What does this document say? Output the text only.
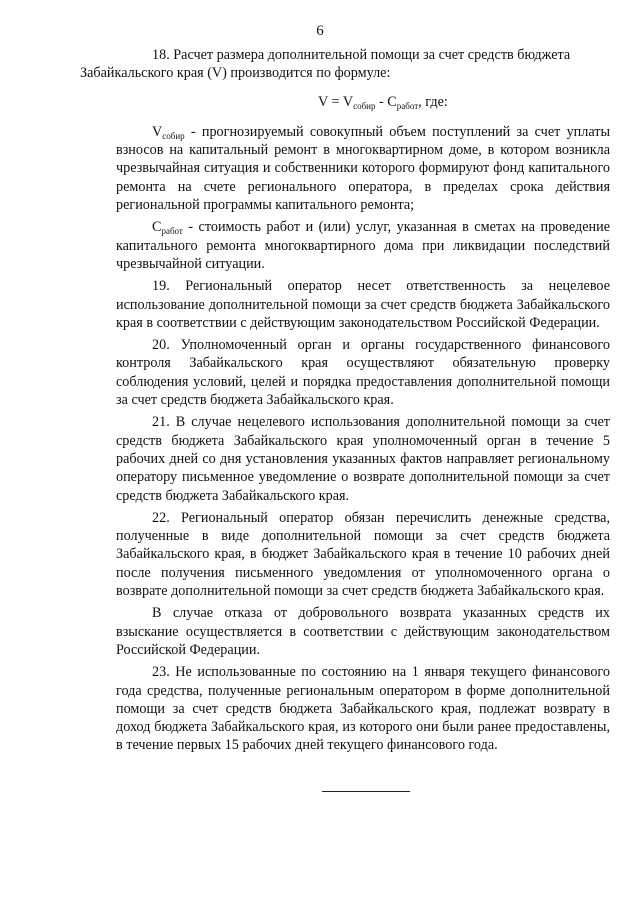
6

18. Расчет размера дополнительной помощи за счет средств бюджета
Забайкальского края (V) производится по формуле:

$V = V_{собир} - C_{работ}$, где:

$V_{собир}$ - прогнозируемый совокупный объем поступлений за счет уплаты взносов на капитальный ремонт в многоквартирном доме, в котором возникла чрезвычайная ситуация и собственники которого формируют фонд капитального ремонта на счете регионального оператора, в пределах срока действия региональной программы капитального ремонта;

$C_{работ}$ - стоимость работ и (или) услуг, указанная в сметах на проведение капитального ремонта многоквартирного дома при ликвидации последствий чрезвычайной ситуации.

19. Региональный оператор несет ответственность за нецелевое использование дополнительной помощи за счет средств бюджета Забайкальского края в соответствии с действующим законодательством Российской Федерации.

20. Уполномоченный орган и органы государственного финансового контроля Забайкальского края осуществляют обязательную проверку соблюдения условий, целей и порядка предоставления дополнительной помощи за счет средств бюджета Забайкальского края.

21. В случае нецелевого использования дополнительной помощи за счет средств бюджета Забайкальского края уполномоченный орган в течение 5 рабочих дней со дня установления указанных фактов направляет региональному оператору письменное уведомление о возврате дополнительной помощи за счет средств бюджета Забайкальского края.

22. Региональный оператор обязан перечислить денежные средства, полученные в виде дополнительной помощи за счет средств бюджета Забайкальского края, в бюджет Забайкальского края в течение 10 рабочих дней после получения письменного уведомления от уполномоченного органа о возврате дополнительной помощи за счет средств бюджета Забайкальского края.

В случае отказа от добровольного возврата указанных средств их взыскание осуществляется в соответствии с действующим законодательством Российской Федерации.

23. Не использованные по состоянию на 1 января текущего финансового года средства, полученные региональным оператором в форме дополнительной помощи за счет средств бюджета Забайкальского края, подлежат возврату в доход бюджета Забайкальского края, из которого они были ранее предоставлены, в течение первых 15 рабочих дней текущего финансового года.
